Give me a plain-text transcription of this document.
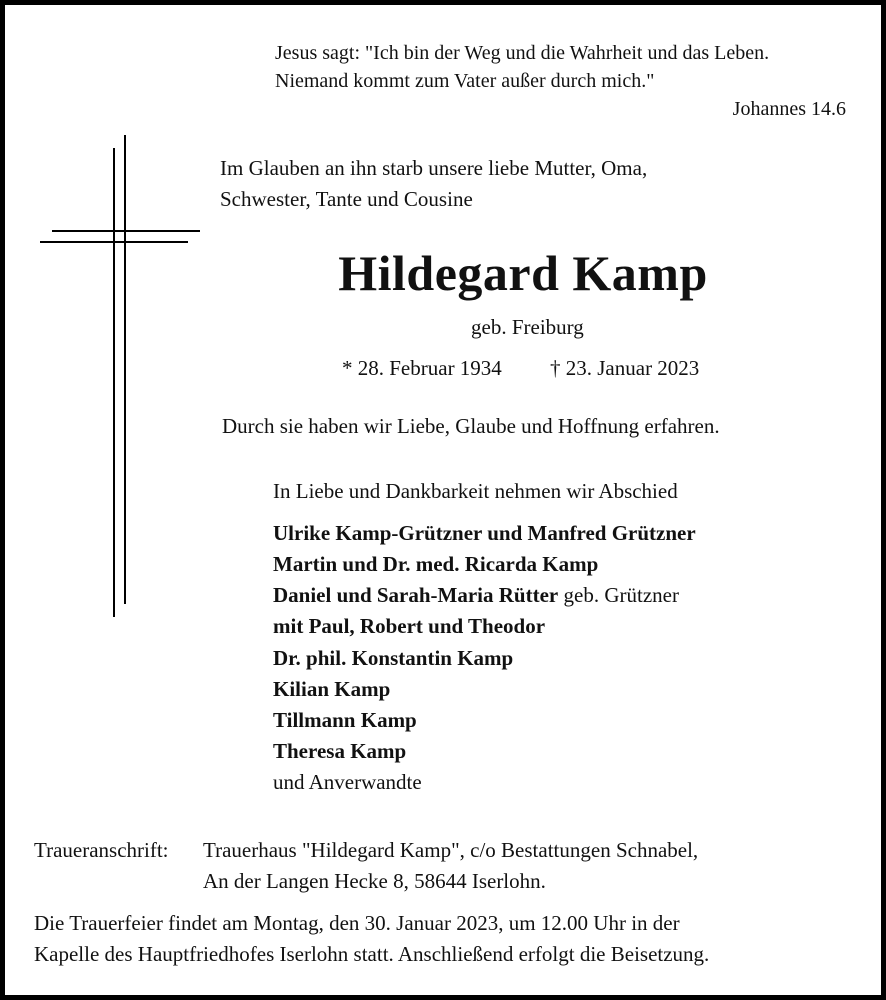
Jesus sagt: "Ich bin der Weg und die Wahrheit und das Leben.
Niemand kommt zum Vater außer durch mich."
Johannes 14.6
Im Glauben an ihn starb unsere liebe Mutter, Oma,
Schwester, Tante und Cousine
Hildegard Kamp
geb. Freiburg
* 28. Februar 1934 † 23. Januar 2023
Durch sie haben wir Liebe, Glaube und Hoffnung erfahren.
In Liebe und Dankbarkeit nehmen wir Abschied
Ulrike Kamp-Grützner und Manfred Grützner
Martin und Dr. med. Ricarda Kamp
Daniel und Sarah-Maria Rütter geb. Grützner
mit Paul, Robert und Theodor
Dr. phil. Konstantin Kamp
Kilian Kamp
Tillmann Kamp
Theresa Kamp
und Anverwandte
Traueranschrift: Trauerhaus "Hildegard Kamp", c/o Bestattungen Schnabel,
An der Langen Hecke 8, 58644 Iserlohn.
Die Trauerfeier findet am Montag, den 30. Januar 2023, um 12.00 Uhr in der
Kapelle des Hauptfriedhofes Iserlohn statt. Anschließend erfolgt die Beisetzung.
